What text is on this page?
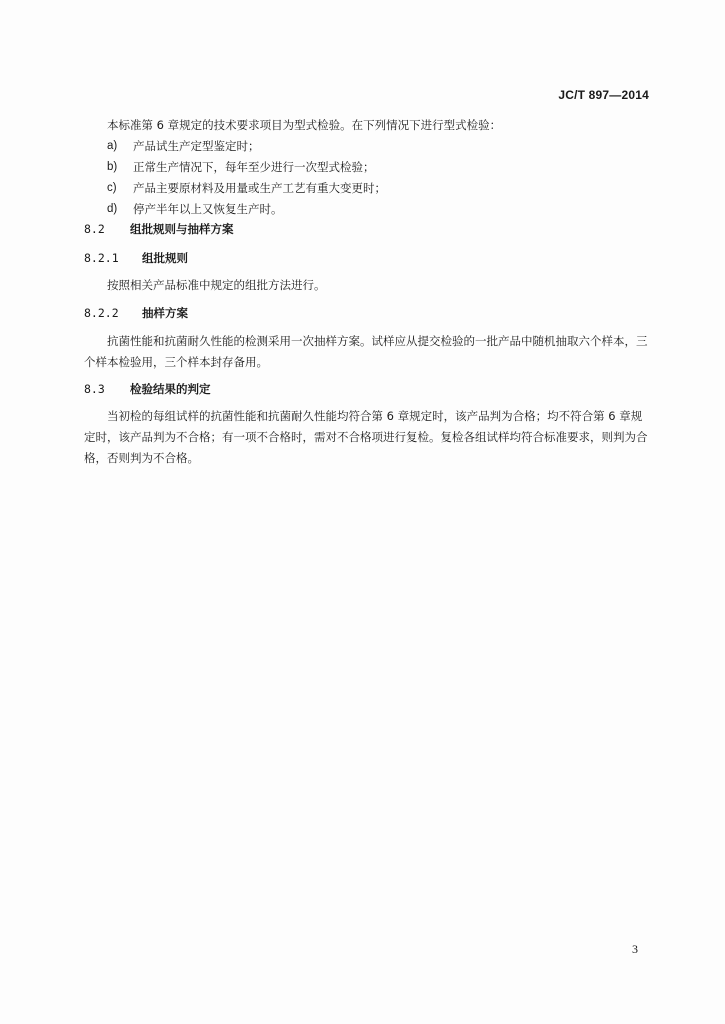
JC/T 897—2014

本标准第 6 章规定的技术要求项目为型式检验。在下列情况下进行型式检验：

a)	产品试生产定型鉴定时；
b)	正常生产情况下，每年至少进行一次型式检验；
c)	产品主要原材料及用量或生产工艺有重大变更时；
d)	停产半年以上又恢复生产时。
8.2	组批规则与抽样方案
8.2.1	组批规则

按照相关产品标准中规定的组批方法进行。

8.2.2	抽样方案

抗菌性能和抗菌耐久性能的检测采用一次抽样方案。试样应从提交检验的一批产品中随机抽取六个样本，三个样本检验用，三个样本封存备用。

8.3	检验结果的判定

当初检的每组试样的抗菌性能和抗菌耐久性能均符合第 6 章规定时，该产品判为合格；均不符合第 6 章规定时，该产品判为不合格；有一项不合格时，需对不合格项进行复检。复检各组试样均符合标准要求，则判为合格，否则判为不合格。

3
